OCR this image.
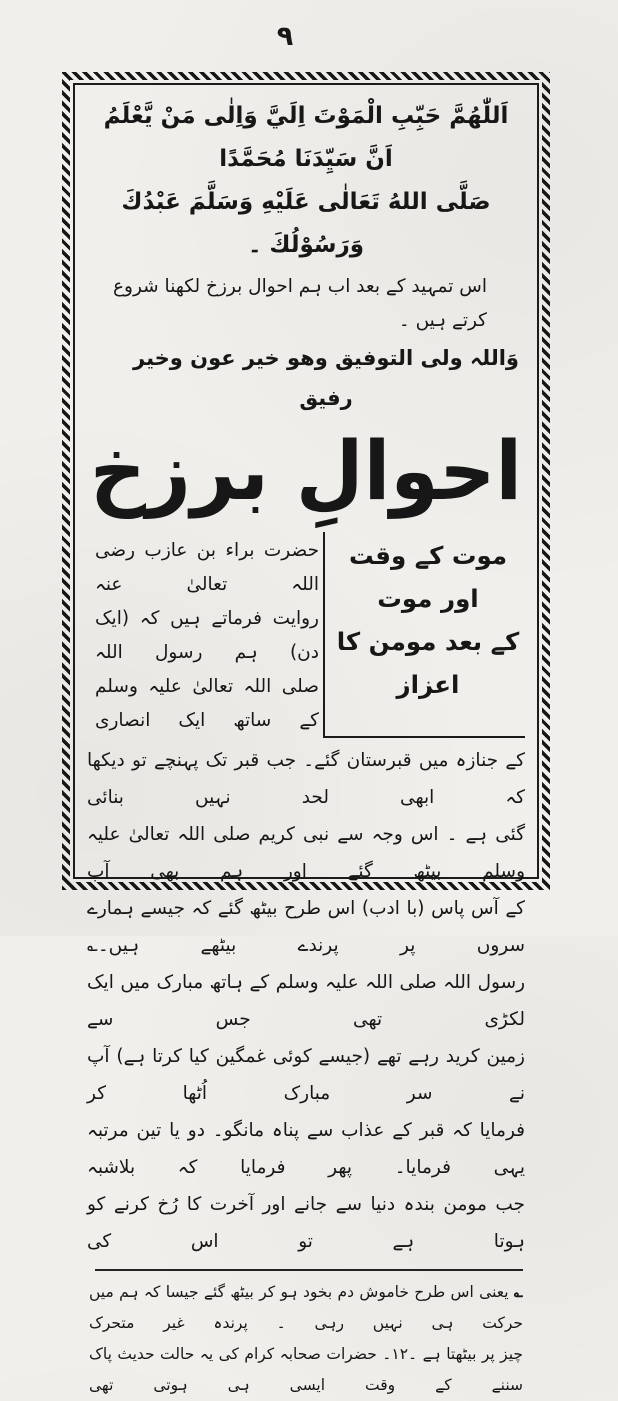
۹
اَللّٰهُمَّ حَبِّبِ الْمَوْتَ اِلَيَّ وَاِلٰى مَنْ يَّعْلَمُ اَنَّ سَيِّدَنَا مُحَمَّدًا
صَلَّى اللهُ تَعَالٰى عَلَيْهِ وَسَلَّمَ عَبْدُكَ وَرَسُوْلُكَ ۔
اس تمہید کے بعد اب ہم احوال برزخ لکھنا شروع کرتے ہیں ۔
وَاللہ ولی التوفیق وھو خیر عون وخیر رفیق
احوالِ برزخ
موت کے وقت اور موت
کے بعد مومن کا اعزاز
حضرت براء بن عازب رضی اللہ تعالیٰ عنہ
روایت فرماتے ہیں کہ (ایک دن) ہم رسول اللہ
صلی اللہ تعالیٰ علیہ وسلم کے ساتھ ایک انصاری
کے جنازہ میں قبرستان گئے۔ جب قبر تک پہنچے تو دیکھا کہ ابھی لحد نہیں بنائی
گئی ہے ۔ اس وجہ سے نبی کریم صلی اللہ تعالیٰ علیہ وسلم بیٹھ گئے اور ہم بھی آپ
کے آس پاس (با ادب) اس طرح بیٹھ گئے کہ جیسے ہمارے سروں پر پرندے بیٹھے ہیں۔؎
رسول اللہ صلی اللہ علیہ وسلم کے ہاتھ مبارک میں ایک لکڑی تھی جس سے
زمین کرید رہے تھے (جیسے کوئی غمگین کیا کرتا ہے) آپ نے سر مبارک اُٹھا کر
فرمایا کہ قبر کے عذاب سے پناہ مانگو۔ دو یا تین مرتبہ یہی فرمایا۔ پھر فرمایا کہ بلاشبہ
جب مومن بندہ دنیا سے جانے اور آخرت کا رُخ کرنے کو ہوتا ہے تو اس کی
؎ یعنی اس طرح خاموش دم بخود ہو کر بیٹھ گئے جیسا کہ ہم میں حرکت ہی نہیں رہی ۔ پرندہ غیر متحرک
چیز پر بیٹھتا ہے ۔۱۲۔ حضرات صحابہ کرام کی یہ حالت حدیث پاک سننے کے وقت ایسی ہی ہوتی تھی
